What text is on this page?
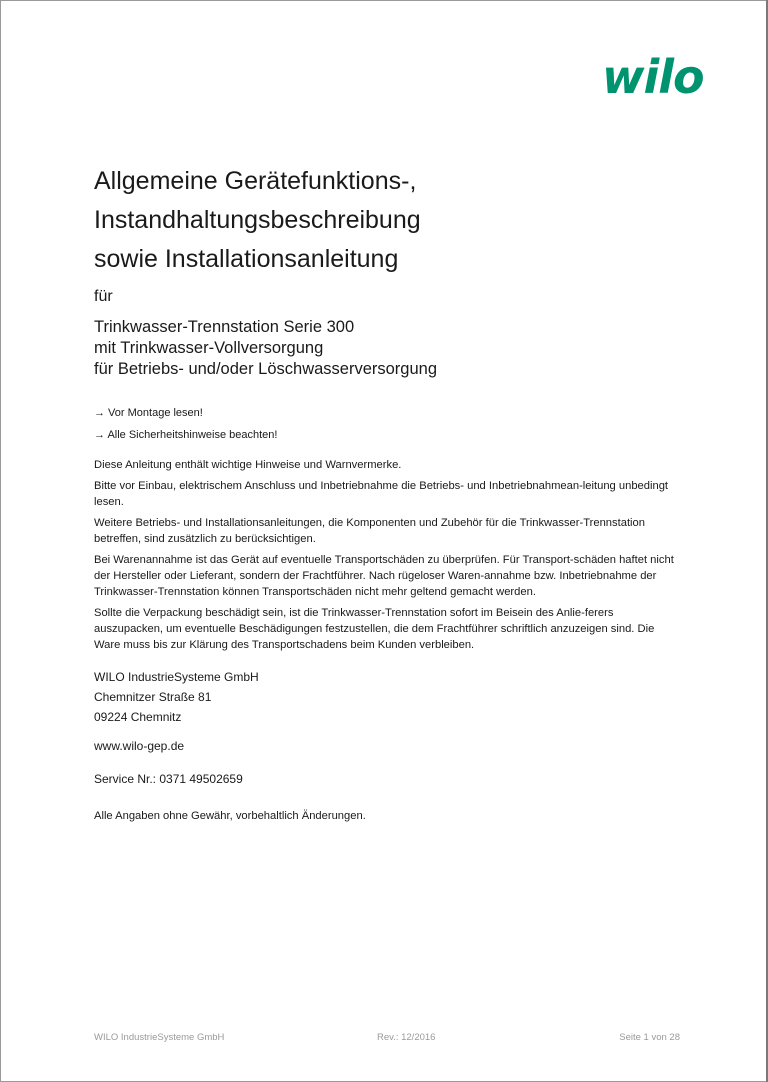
wilo
Allgemeine Gerätefunktions-,
Instandhaltungsbeschreibung
sowie Installationsanleitung
für
Trinkwasser-Trennstation Serie 300
mit Trinkwasser-Vollversorgung
für Betriebs- und/oder Löschwasserversorgung
→ Vor Montage lesen!
→ Alle Sicherheitshinweise beachten!

Diese Anleitung enthält wichtige Hinweise und Warnvermerke.

Bitte vor Einbau, elektrischem Anschluss und Inbetriebnahme die Betriebs- und Inbetriebnahmean-leitung unbedingt lesen.

Weitere Betriebs- und Installationsanleitungen, die Komponenten und Zubehör für die Trinkwasser-Trennstation betreffen, sind zusätzlich zu berücksichtigen.

Bei Warenannahme ist das Gerät auf eventuelle Transportschäden zu überprüfen. Für Transport-schäden haftet nicht der Hersteller oder Lieferant, sondern der Frachtführer. Nach rügeloser Waren-annahme bzw. Inbetriebnahme der Trinkwasser-Trennstation können Transportschäden nicht mehr geltend gemacht werden.

Sollte die Verpackung beschädigt sein, ist die Trinkwasser-Trennstation sofort im Beisein des Anlie-ferers auszupacken, um eventuelle Beschädigungen festzustellen, die dem Frachtführer schriftlich anzuzeigen sind. Die Ware muss bis zur Klärung des Transportschadens beim Kunden verbleiben.

WILO IndustrieSysteme GmbH
Chemnitzer Straße 81
09224 Chemnitz
www.wilo-gep.de
Service Nr.: 0371 49502659
Alle Angaben ohne Gewähr, vorbehaltlich Änderungen.
WILO IndustrieSysteme GmbH	Rev.: 12/2016	Seite 1 von 28
